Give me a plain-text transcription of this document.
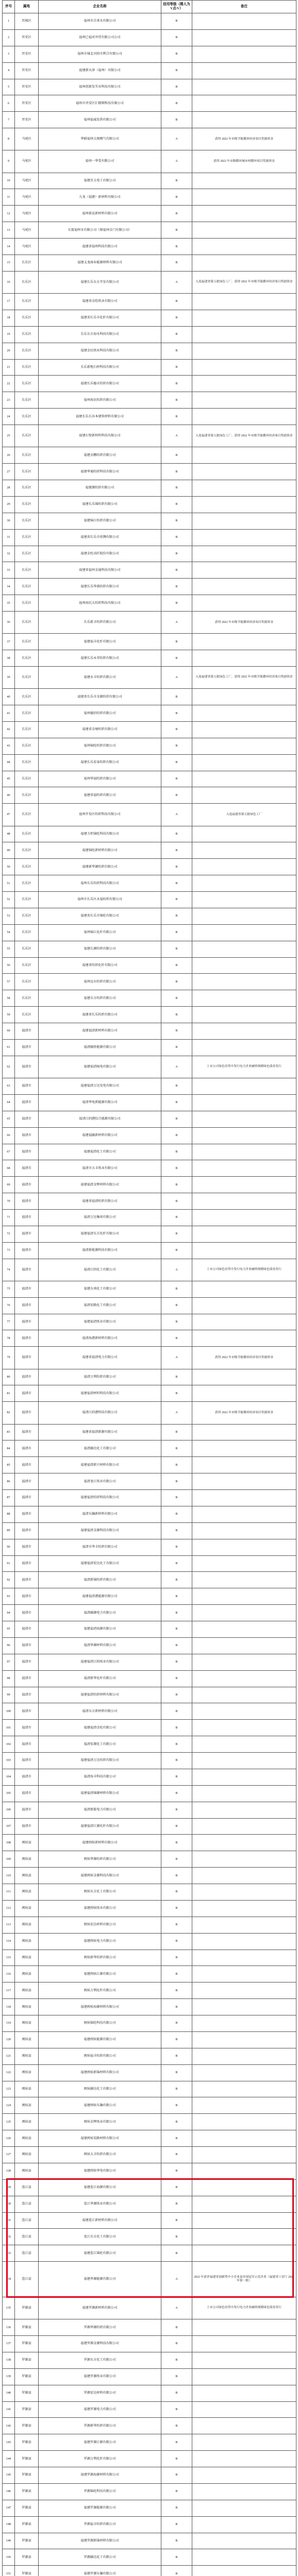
序号	属地	企业名称	信用等级（稀人为V点/V）	备注
1	晋城区	福州市自来水有限公司	B	
2	晋安区	福州已福对外贸有限公司公司	B	
3	晋安区	福州市城北宾阳市利合有限公司	B	
4	晋安区	福建新天津（福州）有限公司	B	
5	晋安区	福州创新发实业科技有限公司	B	
6	晋安区	福州市晋安区汇精细科技有限公司	B	
7	晋安区	福州福威发供有限公司	B	
8	马尾区	华联福州大规模气有限公司	A	获得 2022 年市级节能循环经济项目奖励资金
9	马尾区	福州一华变有限公司	A	获得 2022 年市级循环城市材循环项目奖励资金
10	马尾区	福建星太电工有限公司	B	
11	马尾区	九龙（福建）新材料有限公司	B	
12	马尾区	福州新运新材料有限公司	B	
13	马尾区	东富福州水有限公司（原福州金门有限公司）	B	
14	马尾区	福建省福州科技有限公司	B	
15	长乐区	福建义龙商业能源材料有限公司	B	
16	长乐区	福建长乐东方开发有限公司	A	入选福建省第五批绿色工厂，获得 2022 年市级节能循环经济项目奖励资金
17	长乐区	福建省金绘纸业有限公司	B	
18	长乐区	福建省长乐市化纤有限公司	B	
19	长乐区	长乐东方海水科技有限公司	B	
20	长乐区	福建金民纸业科技有限公司	B	
21	长乐区	长乐新地石材科技有限公司	B	
22	长乐区	福建长乐德天纺织有限公司	B	
23	长乐区	福州海民纺织有限公司	B	
24	长乐区	福建长乐长谷本建筑材料有限公司	B	
25	长乐区	福建石壁新材料科技有限公司	A	入选福建省第五批绿色工厂，获得 2022 年市级节能循环经济项目奖励资金
26	长乐区	福建金鹏纺织有限公司	B	
27	长乐区	福建华通纺织科技有限公司	B	
28	长乐区	福建源纺织有限公司	B	
29	长乐区	福建长乐锦纺织有限公司	B	
30	长乐区	福建锦江纺织有限公司	B	
31	长乐区	福建省长乐市丝绸有限公司	B	
32	长乐区	福建金纶高纤股份有限公司	B	
33	长乐区	福建省福州金通科技有限公司	B	
34	长乐区	福建长乐华盛纺织有限公司	B	
35	长乐区	福州海民大纺织科技有限公司	B	
36	长乐区	长乐新丰纺织有限公司	A	获得 2022 年市级节能循环经济项目奖励资金
37	长乐区	福建福丰化纤有限公司	B	
38	长乐区	福建长乐永荣纺织有限公司	B	
39	长乐区	福建永丰纺织有限公司	A	入选福建省第五批绿色工厂，获得 2022 年市级节能循环经济项目奖励资金
40	长乐区	福建省长乐市金源纺织有限公司	B	
41	长乐区	福州德信纺织有限公司	B	
42	长乐区	福建省金塘纺织有限公司	B	
43	长乐区	福州锦纶纺织有限公司	B	
44	长乐区	福建长乐宏泰纺织有限公司	B	
45	长乐区	福州华福纺织有限公司	B	
46	长乐区	福建省福纺织有限公司	B	
47	长乐区	福州开发区纺织科技有限公司	A	入选福建省第五批绿色工厂
48	长乐区	福建力恒锦纶科技有限公司	B	
49	长乐区	福建锦纶新材料有限公司	B	
50	长乐区	福建新华源纺织有限公司	B	
51	长乐区	福州长乐纺织科技有限公司	B	
52	长乐区	福州市长乐区永福纺织有限公司	B	
53	长乐区	福建省长乐市锦纶有限公司	B	
54	长乐区	福州锦江化纤有限公司	B	
55	长乐区	福建长源纺织有限公司	B	
56	长乐区	福建省纺织化纤有限公司	B	
57	长乐区	福州远东纺织有限公司	B	
58	长乐区	福建东方纺织有限公司	B	
59	长乐区	福建省长乐纺织有限公司	B	
60	福清市	福建福清新材料有限公司	B	
61	福清市	福清融侨能源有限公司	B	
62	福清市	福建福清核电有限公司	A	上市公司绿色信贷中发行电力企业融资规模绿色债券发行
63	福清市	福建福清万达发电有限公司	B	
64	福清市	福清华电新能源有限公司	B	
65	福清市	福清江阴港综合能源有限公司	B	
66	福清市	福建福融新材料有限公司	B	
67	福清市	福建福清化工有限公司	B	
68	福清市	福清市大丰纸业有限公司	B	
69	福清市	福建福清金辉材料有限公司	B	
70	福清市	福建省福清纺织有限公司	B	
71	福清市	福清万达集团有限公司	B	
72	福清市	福建福清东方化纤有限公司	B	
73	福清市	福清新能源科技有限公司	B	
74	福清市	福清江阴化工有限公司	A	上市公司绿色信贷中发行电力企业融资规模绿色债券发行
75	福清市	福建东南化工有限公司	B	
76	福清市	福清宏路化工有限公司	B	
77	福清市	福建福清纸业有限公司	B	
78	福清市	福清海港新材料有限公司	B	
79	福清市	福建省福清电力有限公司	A	获得 2022 年市级节能循环经济项目奖励资金
80	福清市	福清万利纺织有限公司	B	
81	福清市	福建福清材料科技有限公司	B	
82	福清市	福清江阴港科技有限公司	A	获得 2022 年市级节能循环经济项目奖励资金
83	福清市	福建省福清新源有限公司	B	
84	福清市	福清融达化工有限公司	B	
85	福清市	福建福清新兴材料有限公司	B	
86	福清市	福清龙江纸业有限公司	B	
87	福清市	福建福清纺织科技有限公司	B	
88	福清市	福清东瀚新材料有限公司	B	
89	福清市	福建福清金源科技有限公司	B	
90	福清市	福清市华丰纺织有限公司	B	
91	福清市	福建福清宏达化工有限公司	B	
92	福清市	福清新锦纺织有限公司	B	
93	福清市	福建福清港能源有限公司	B	
94	福清市	福清融源电力有限公司	B	
95	福清市	福建福清海源有限公司	B	
96	福清市	福清华源材料有限公司	B	
97	福清市	福建福清江阴纸业有限公司	B	
98	福清市	福清新华化纤有限公司	B	
99	福清市	福建福清纺织材料有限公司	B	
100	福清市	福清东方新材料有限公司	B	
101	福清市	福建福清金纶有限公司	B	
102	福清市	福清宏源化工有限公司	B	
103	福清市	福建福清万达纺织有限公司	B	
104	福清市	福清海丰科技有限公司	B	
105	福清市	福建福清锦源材料有限公司	B	
106	福清市	福清新能电力有限公司	B	
107	福清市	福建福清江源化纤有限公司	B	
108	闽侯县	福建闽侯新材料有限公司	B	
109	闽侯县	闽侯华源纺织有限公司	B	
110	闽侯县	福建闽侯金源科技有限公司	B	
111	闽侯县	闽侯东方化工有限公司	B	
112	闽侯县	福建闽侯纸业有限公司	B	
113	闽侯县	闽侯宏达材料有限公司	B	
114	闽侯县	福建闽侯电力有限公司	B	
115	闽侯县	闽侯新华纺织有限公司	B	
116	闽侯县	福建闽侯江源有限公司	B	
117	闽侯县	闽侯万利化纤有限公司	B	
118	闽侯县	福建闽侯海源材料有限公司	B	
119	闽侯县	闽侯锦纶科技有限公司	B	
120	闽侯县	福建闽侯能源有限公司	B	
121	闽侯县	闽侯福丰纺织有限公司	B	
122	闽侯县	福建闽侯新锦材料有限公司	B	
123	闽侯县	闽侯融达化工有限公司	B	
124	闽侯县	福建闽侯东瀚有限公司	B	
125	闽侯县	闽侯金辉纸业有限公司	B	
126	闽侯县	福建闽侯宏路材料有限公司	B	
127	闽侯县	闽侯大丰纺织有限公司	B	
128	闽侯县	福建闽侯华电有限公司	B	
129	连江县	福建连江海源有限公司	B	
130	连江县	连江华源纸业有限公司	B	
131	连江县	福建连江新材料有限公司	B	
132	连江县	连江东方化工有限公司	B	
133	连江县	福建连江锦纶有限公司	B	
134	连江县	福建华源能源有限公司	A	2022 年获评福建省创新型中小企业及单项冠军示范企业（福建省工信厅 2022 年第一批）
135	罗源县	福建罗源新材料有限公司	A	上市公司绿色信贷中发行电力企业融资规模绿色债券发行
136	罗源县	罗源华源纺织有限公司	B	
137	罗源县	福建罗源金源科技有限公司	B	
138	罗源县	罗源东方化工有限公司	B	
139	罗源县	福建罗源纸业有限公司	B	
140	罗源县	罗源宏达材料有限公司	B	
141	罗源县	福建罗源电力有限公司	B	
142	罗源县	罗源新华纺织有限公司	B	
143	罗源县	福建罗源江源有限公司	B	
144	罗源县	罗源万利化纤有限公司	B	
145	罗源县	福建罗源海源材料有限公司	B	
146	罗源县	罗源锦纶科技有限公司	B	
147	罗源县	福建罗源能源有限公司	B	
148	罗源县	罗源福丰纺织有限公司	B	
149	罗源县	福建罗源新锦材料有限公司	B	
150	罗源县	罗源融达化工有限公司	B	
151	罗源县	福建罗源东瀚有限公司	B	
